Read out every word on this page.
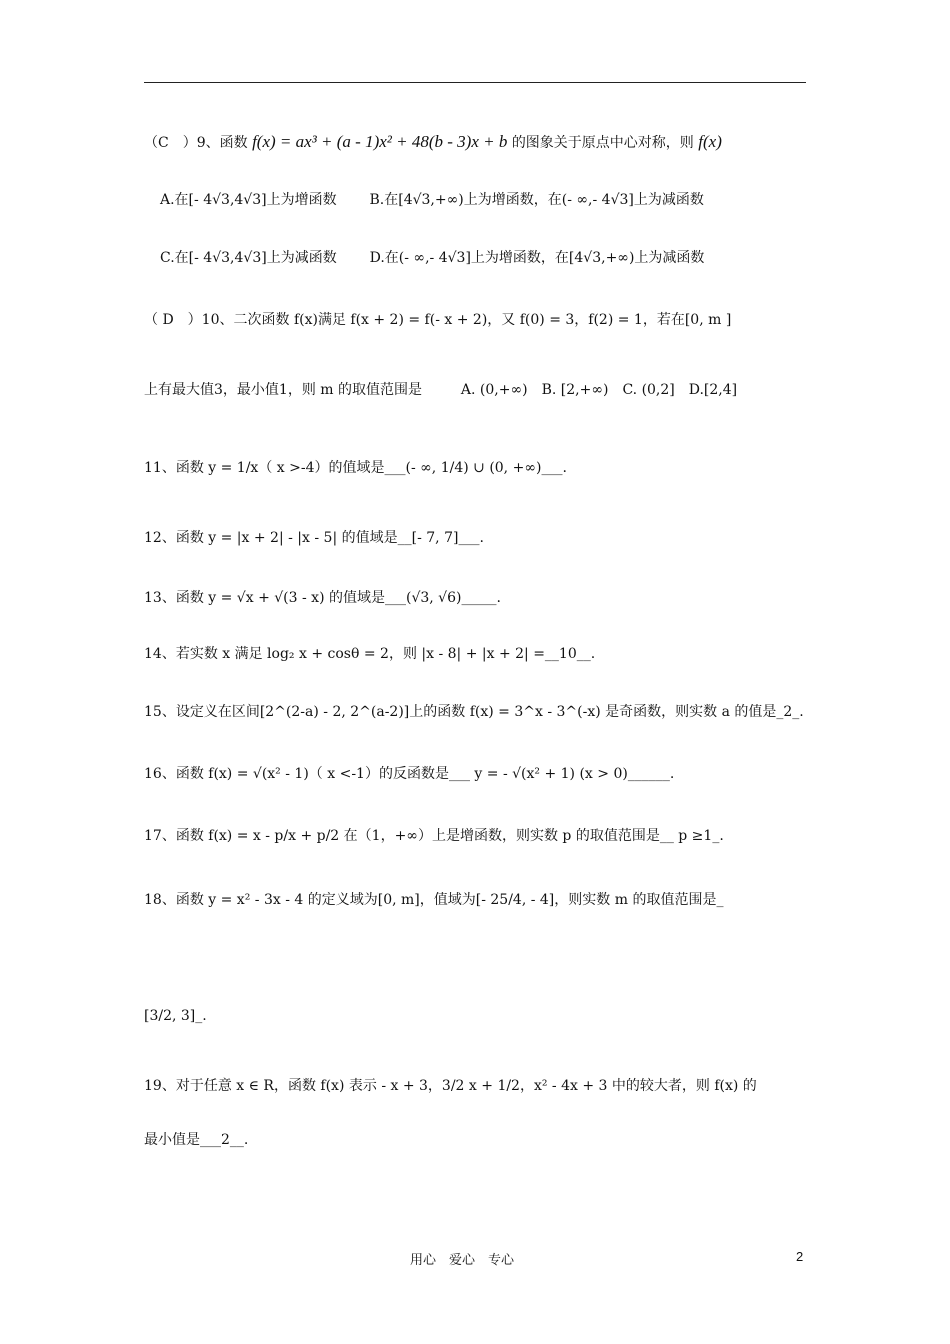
（C　）9、函数 f(x) = ax³ + (a - 1)x² + 48(b - 3)x + b 的图象关于原点中心对称，则 f(x)
A.在[- 4√3,4√3]上为增函数 B.在[4√3,+∞)上为增函数，在(- ∞,- 4√3]上为减函数
C.在[- 4√3,4√3]上为减函数 D.在(- ∞,- 4√3]上为增函数，在[4√3,+∞)上为减函数
（ D　）10、二次函数 f(x)满足 f(x + 2) = f(- x + 2)，又 f(0) = 3，f(2) = 1，若在[0, m ]
上有最大值3，最小值1，则 m 的取值范围是	A. (0,+∞)　B. [2,+∞)　C. (0,2]　D.[2,4]
11、函数 y = 1/x（ x >-4）的值域是___(- ∞, 1/4) ∪ (0, +∞)___.
12、函数 y = |x + 2| - |x - 5| 的值域是__[- 7, 7]___.
13、函数 y = √x + √(3 - x) 的值域是___(√3, √6)_____.
14、若实数 x 满足 log₂ x + cosθ = 2，则 |x - 8| + |x + 2| =__10__.
15、设定义在区间[2^(2-a) - 2, 2^(a-2)]上的函数 f(x) = 3^x - 3^(-x) 是奇函数，则实数 a 的值是_2_.
16、函数 f(x) = √(x² - 1)（ x <-1）的反函数是___ y = - √(x² + 1) (x > 0)______.
17、函数 f(x) = x - p/x + p/2 在（1，+∞）上是增函数，则实数 p 的取值范围是__ p ≥1_.
18、函数 y = x² - 3x - 4 的定义域为[0, m]，值域为[- 25/4, - 4]，则实数 m 的取值范围是_
[3/2, 3]_.
19、对于任意 x ∈ R，函数 f(x) 表示 - x + 3，3/2 x + 1/2，x² - 4x + 3 中的较大者，则 f(x) 的
最小值是___2__.
用心　爱心　专心	2
